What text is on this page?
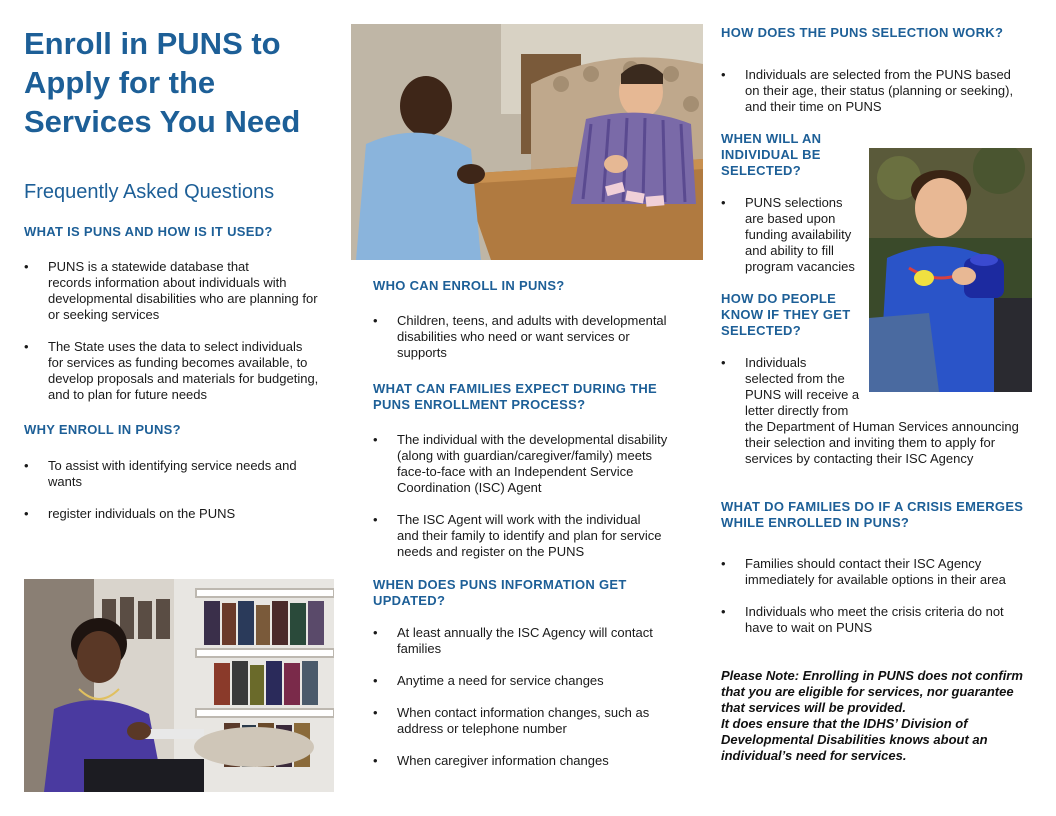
Enroll in PUNS to
Apply for the
Services You Need
Frequently Asked Questions
WHAT IS PUNS AND HOW IS IT USED?
• PUNS is a statewide database that
records information about individuals with
developmental disabilities who are planning for
or seeking services
• The State uses the data to select individuals
for services as funding becomes available, to
develop proposals and materials for budgeting,
and to plan for future needs
WHY ENROLL IN PUNS?
• To assist with identifying service needs and
wants
• register individuals on the PUNS
WHO CAN ENROLL IN PUNS?
• Children, teens, and adults with developmental
disabilities who need or want services or
supports
WHAT CAN FAMILIES EXPECT DURING THE
PUNS ENROLLMENT PROCESS?
• The individual with the developmental disability
(along with guardian/caregiver/family) meets
face-to-face with an Independent Service
Coordination (ISC) Agent
• The ISC Agent will work with the individual
and their family to identify and plan for service
needs and register on the PUNS
WHEN DOES PUNS INFORMATION GET
UPDATED?
• At least annually the ISC Agency will contact
families
• Anytime a need for service changes
• When contact information changes, such as
address or telephone number
• When caregiver information changes
HOW DOES THE PUNS SELECTION WORK?
• Individuals are selected from the PUNS based
on their age, their status (planning or seeking),
and their time on PUNS
WHEN WILL AN
INDIVIDUAL BE
SELECTED?
• PUNS selections
are based upon
funding availability
and ability to fill
program vacancies
HOW DO PEOPLE
KNOW IF THEY GET
SELECTED?
• Individuals
selected from the
PUNS will receive a
letter directly from
the Department of Human Services announcing
their selection and inviting them to apply for
services by contacting their ISC Agency
WHAT DO FAMILIES DO IF A CRISIS EMERGES
WHILE ENROLLED IN PUNS?
• Families should contact their ISC Agency
immediately for available options in their area
• Individuals who meet the crisis criteria do not
have to wait on PUNS
Please Note: Enrolling in PUNS does not confirm
that you are eligible for services, nor guarantee
that services will be provided.
It does ensure that the IDHS’ Division of
Developmental Disabilities knows about an
individual’s need for services.
